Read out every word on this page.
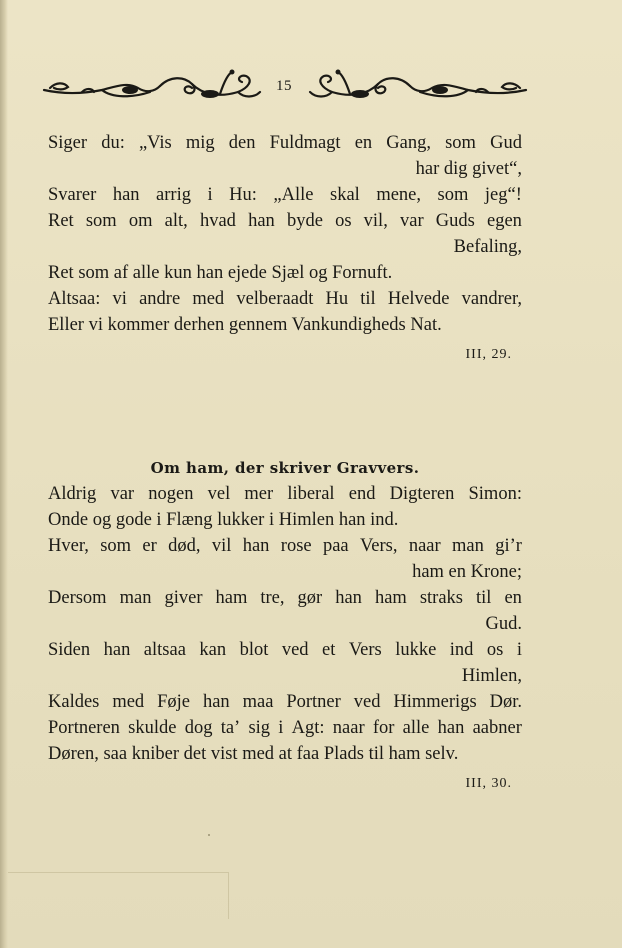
15
Siger du: „Vis mig den Fuldmagt en Gang, som Gud
har dig givet“,
Svarer han arrig i Hu: „Alle skal mene, som jeg“!
Ret som om alt, hvad han byde os vil, var Guds egen
Befaling,
Ret som af alle kun han ejede Sjæl og Fornuft.
Altsaa: vi andre med velberaadt Hu til Helvede vandrer,
Eller vi kommer derhen gennem Vankundigheds Nat.
III, 29.
Om ham, der skriver Gravvers.
Aldrig var nogen vel mer liberal end Digteren Simon:
Onde og gode i Flæng lukker i Himlen han ind.
Hver, som er død, vil han rose paa Vers, naar man gi’r
ham en Krone;
Dersom man giver ham tre, gør han ham straks til en
Gud.
Siden han altsaa kan blot ved et Vers lukke ind os i
Himlen,
Kaldes med Føje han maa Portner ved Himmerigs Dør.
Portneren skulde dog ta’ sig i Agt: naar for alle han aabner
Døren, saa kniber det vist med at faa Plads til ham selv.
III, 30.
